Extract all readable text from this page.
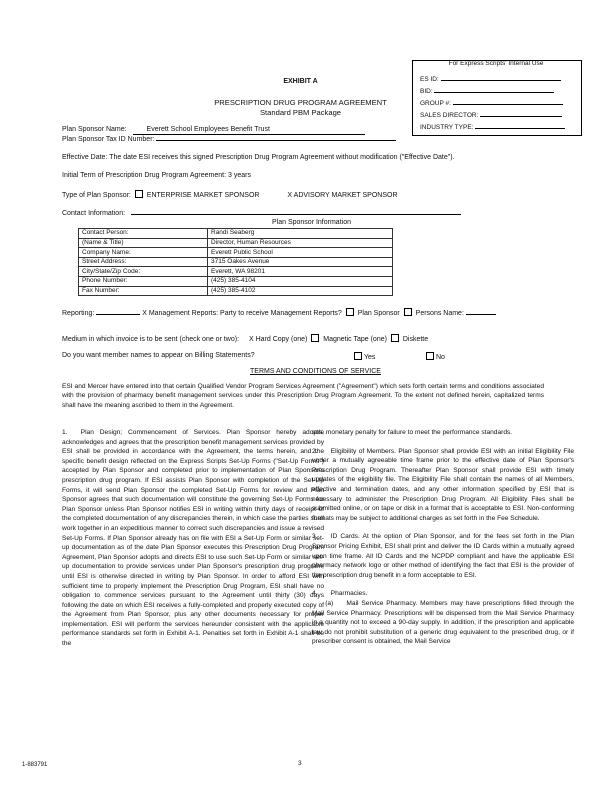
For Express Scripts' Internal Use
ES ID:
BID:
GROUP #:
SALES DIRECTOR:
INDUSTRY TYPE:
EXHIBIT A
PRESCRIPTION DRUG PROGRAM AGREEMENT
Standard PBM Package
Plan Sponsor Name:	Everett School Employees Benefit Trust
Plan Sponsor Tax ID Number:
Effective Date: The date ESI receives this signed Prescription Drug Program Agreement without modification ("Effective Date").
Initial Term of Prescription Drug Program Agreement: 3 years
Type of Plan Sponsor: ENTERPRISE MARKET SPONSOR	X ADVISORY MARKET SPONSOR
Contact Information:
Plan Sponsor Information
Contact Person:	Randi Seaberg
(Name & Title)	Director, Human Resources
Company Name:	Everett Public School
Street Address:	3715 Oakes Avenue
City/State/Zip Code:	Everett, WA 98201
Phone Number:	(425) 385-4104
Fax Number:	(425) 385-4102
Reporting:	X Management Reports: Party to receive Management Reports? Plan Sponsor Persons Name:
Medium in which invoice is to be sent (check one or two): X Hard Copy (one) Magnetic Tape (one) Diskette
Do you want member names to appear on Billing Statements?	Yes	No
TERMS AND CONDITIONS OF SERVICE
ESI and Mercer have entered into that certain Qualified Vendor Program Services Agreement ("Agreement") which sets forth certain terms and conditions associated with the provision of pharmacy benefit management services under this Prescription Drug Program Agreement. To the extent not defined herein, capitalized terms shall have the meaning ascribed to them in the Agreement.

1.  Plan Design; Commencement of Services. Plan Sponsor hereby adopts, acknowledges and agrees that the prescription benefit management services provided by ESI shall be provided in accordance with the Agreement, the terms herein, and the specific benefit design reflected on the Express Scripts Set-Up Forms ("Set-Up Forms") accepted by Plan Sponsor and completed prior to implementation of Plan Sponsor's prescription drug program. If ESI assists Plan Sponsor with completion of the Set-Up Forms, it will send Plan Sponsor the completed Set-Up Forms for review and Plan Sponsor agrees that such documentation will constitute the governing Set-Up Forms for Plan Sponsor unless Plan Sponsor notifies ESI in writing within thirty days of receipt of the completed documentation of any discrepancies therein, in which case the parties shall work together in an expeditious manner to correct such discrepancies and issue a revised Set-Up Forms. If Plan Sponsor already has on file with ESI a Set-Up Form or similar set-up documentation as of the date Plan Sponsor executes this Prescription Drug Program Agreement, Plan Sponsor adopts and directs ESI to use such Set-Up Form or similar set-up documentation to provide services under Plan Sponsor's prescription drug program, until ESI is otherwise directed in writing by Plan Sponsor. In order to afford ESI with sufficient time to properly implement the Prescription Drug Program, ESI shall have no obligation to commence services pursuant to the Agreement until thirty (30) days following the date on which ESI receives a fully-completed and properly executed copy of the Agreement from Plan Sponsor, plus any other documents necessary for proper implementation. ESI will perform the services hereunder consistent with the applicable performance standards set forth in Exhibit A-1. Penalties set forth in Exhibit A-1 shall be the

sole monetary penalty for failure to meet the performance standards.

2.  Eligibility of Members. Plan Sponsor shall provide ESI with an initial Eligibility File under a mutually agreeable time frame prior to the effective date of Plan Sponsor's Prescription Drug Program. Thereafter Plan Sponsor shall provide ESI with timely updates of the eligibility file. The Eligibility File shall contain the names of all Members, effective and termination dates, and any other information specified by ESI that is necessary to administer the Prescription Drug Program. All Eligibility Files shall be submitted online, or on tape or disk in a format that is acceptable to ESI. Non-conforming formats may be subject to additional charges as set forth in the Fee Schedule.

3.  ID Cards. At the option of Plan Sponsor, and for the fees set forth in the Plan Sponsor Pricing Exhibit, ESI shall print and deliver the ID Cards within a mutually agreed upon time frame. All ID Cards and the NCPDP compliant and have the applicable ESI pharmacy network logo or other method of identifying the fact that ESI is the provider of the prescription drug benefit in a form acceptable to ESI.

4.  Pharmacies.

  (a)  Mail Service Pharmacy. Members may have prescriptions filled through the Mail Service Pharmacy. Prescriptions will be dispensed from the Mail Service Pharmacy in a quantity not to exceed a 90-day supply. In addition, if the prescription and applicable law do not prohibit substitution of a generic drug equivalent to the prescribed drug, or if prescriber consent is obtained, the Mail Service

1-883791	3
